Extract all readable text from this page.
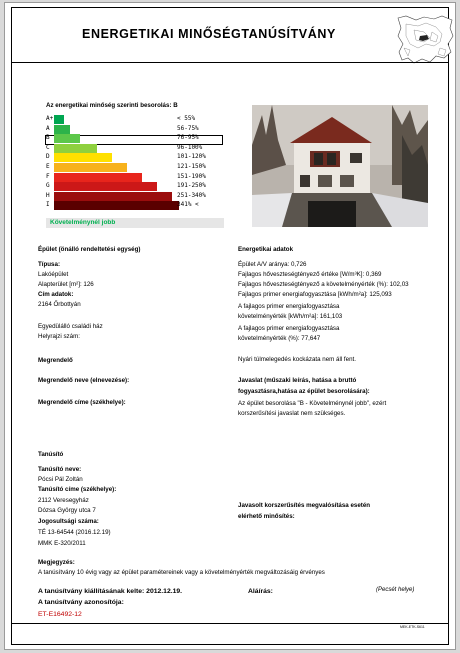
ENERGETIKAI MINŐSÉGTANÚSÍTVÁNY
Az energetikai minőség szerinti besorolás: B
Követelménynél jobb
Épület (önálló rendeltetési egység)	Energetikai adatok
Típusa:
Lakóépület
Alapterület [m²]: 126
Cím adatok:
2164 Őrbottyán
Egyedülálló családi ház
Helyrajzi szám:
Épület A/V aránya: 0,726
Fajlagos hőveszteségtényező értéke [W/m³K]: 0,369
Fajlagos hőveszteségtényező a követelményérték (%): 102,03
Fajlagos primer energiafogyasztása [kWh/m²a]: 125,093
A fajlagos primer energiafogyasztása
követelményérték [kWh/m²a]: 161,103
A fajlagos primer energiafogyasztása
követelményérték (%): 77,647
Megrendelő	Nyári túlmelegedés kockázata nem áll fent.
Megrendelő neve (elnevezése):
Megrendelő címe (székhelye):
Javaslat (műszaki leírás, hatása a bruttó
fogyasztásra,hatása az épület besorolására):
Az épület besorolása "B - Követelménynél jobb", ezért
korszerűsítési javaslat nem szükséges.
Tanúsító
Tanúsító neve:
Pócsi Pál Zoltán
Tanúsító címe (székhelye):
2112 Veresegyház
Dózsa György utca 7
Jogosultsági száma:
TÉ 13-64544 (2016.12.19)
MMK E-320/2011
Javasolt korszerűsítés megvalósítása esetén
elérhető minősítés:
Megjegyzés:
A tanúsítvány 10 évig vagy az épület paramétereinek vagy a követelményérték megváltozásáig érvényes
A tanúsítvány kiállításának kelte: 2012.12.19.	Aláírás:	(Pecsét helye)
A tanúsítvány azonosítója:
ET-E16492-12
MEK-ETK-S611
A+	< 55%
A	56-75%
B	76-95%
C	96-100%
D	101-120%
E	121-150%
F	151-190%
G	191-250%
H	251-340%
I	341% <
